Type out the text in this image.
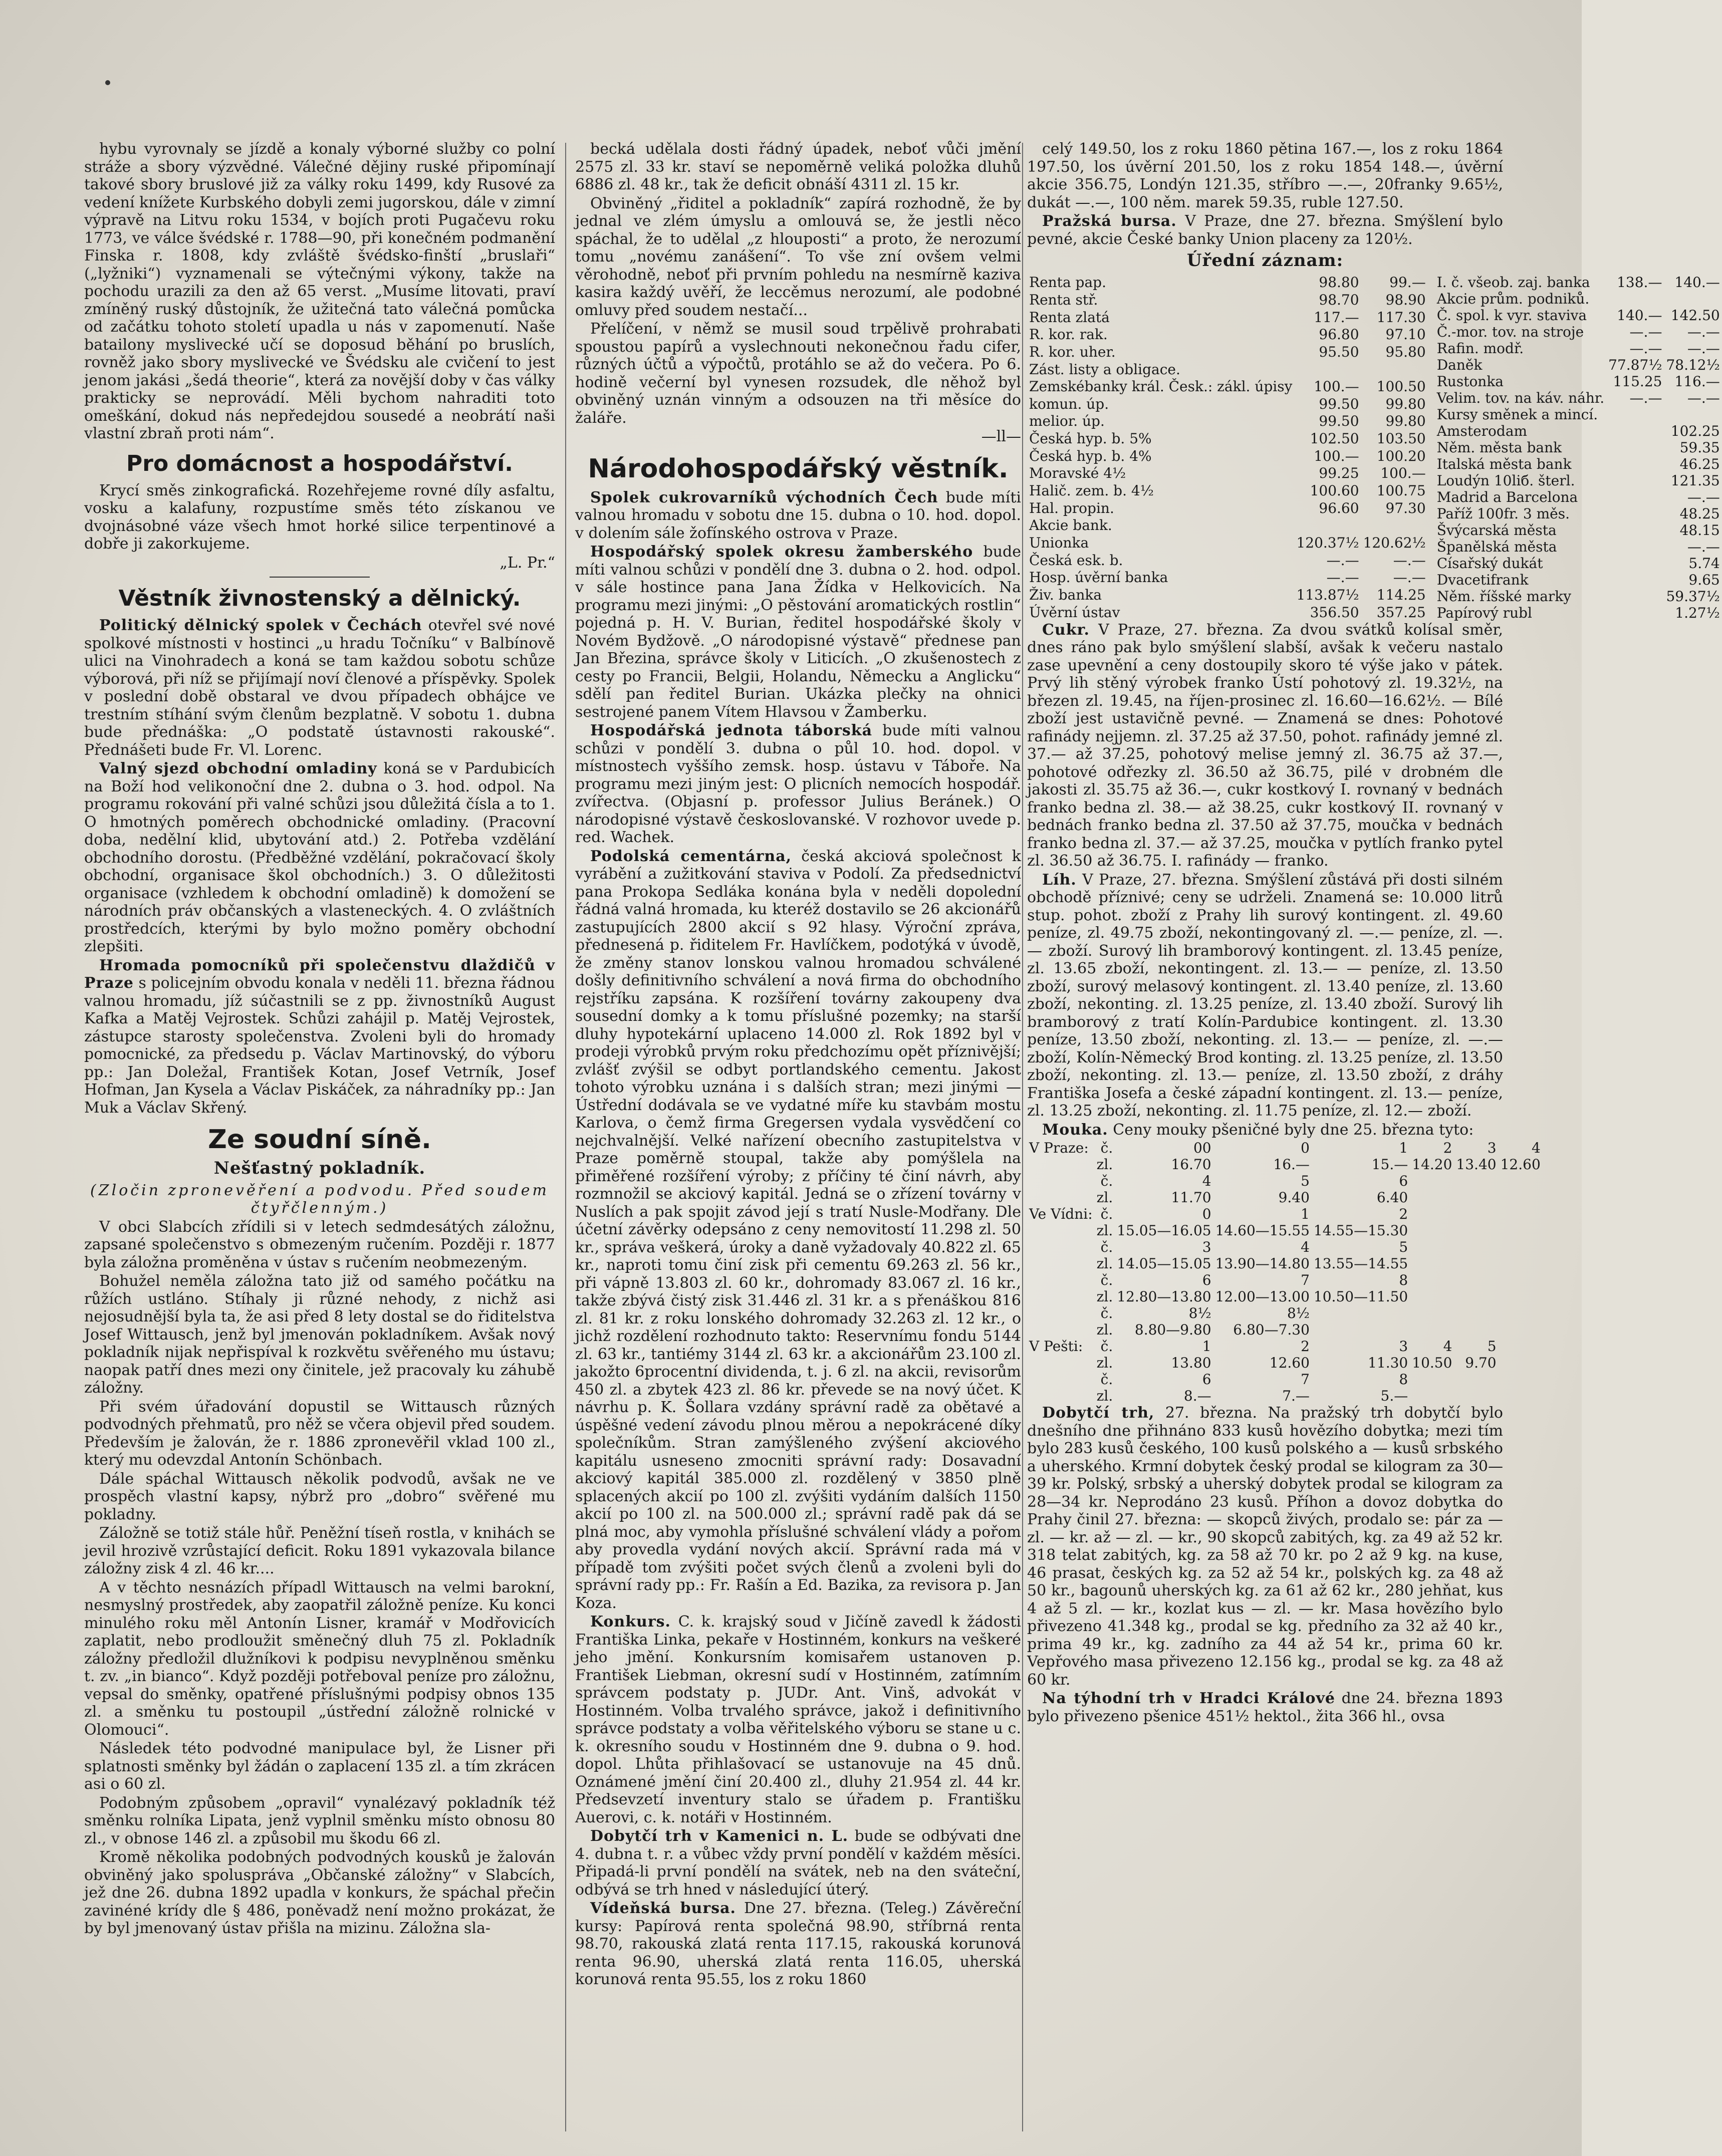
hybu vyrovnaly se jízdě a konaly výborné služby co polní stráže a sbory výzvědné. Válečné dějiny ruské připomínají takové sbory bruslové již za války roku 1499, kdy Rusové za vedení knížete Kurbského dobyli zemi jugorskou, dále v zimní výpravě na Litvu roku 1534, v bojích proti Pugačevu roku 1773, ve válce švédské r. 1788—90, při konečném podmanění Finska r. 1808, kdy zvláště švédsko-finští „bruslaři“ („lyžniki“) vyznamenali se výtečnými výkony, takže na pochodu urazili za den až 65 verst. „Musíme litovati, praví zmíněný ruský důstojník, že užitečná tato válečná pomůcka od začátku tohoto století upadla u nás v zapomenutí. Naše batailony myslivecké učí se doposud běhání po bruslích, rovněž jako sbory myslivecké ve Švédsku ale cvičení to jest jenom jakási „šedá theorie“, která za novější doby v čas války prakticky se neprovádí. Měli bychom nahraditi toto omeškání, dokud nás nepředejdou sousedé a neobrátí naši vlastní zbraň proti nám“.

Pro domácnost a hospodářství.

Krycí směs zinkografická. Rozehřejeme rovné díly asfaltu, vosku a kalafuny, rozpustíme směs této získanou ve dvojnásobné váze všech hmot horké silice terpentinové a dobře ji zakorkujeme.

„L. Pr.“
Věstník živnostenský a dělnický.

Politický dělnický spolek v Čechách otevřel své nové spolkové místnosti v hostinci „u hradu Točníku“ v Balbínově ulici na Vinohradech a koná se tam každou sobotu schůze výborová, při níž se přijímají noví členové a příspěvky. Spolek v poslední době obstaral ve dvou případech obhájce ve trestním stíhání svým členům bezplatně. V sobotu 1. dubna bude přednáška: „O podstatě ústavnosti rakouské“. Přednášeti bude Fr. Vl. Lorenc.

Valný sjezd obchodní omladiny koná se v Pardubicích na Boží hod velikonoční dne 2. dubna o 3. hod. odpol. Na programu rokování při valné schůzi jsou důležitá čísla a to 1. O hmotných poměrech obchodnické omladiny. (Pracovní doba, nedělní klid, ubytování atd.) 2. Potřeba vzdělání obchodního dorostu. (Předběžné vzdělání, pokračovací školy obchodní, organisace škol obchodních.) 3. O důležitosti organisace (vzhledem k obchodní omladině) k domožení se národních práv občanských a vlasteneckých. 4. O zvláštních prostředcích, kterými by bylo možno poměry obchodní zlepšiti.

Hromada pomocníků při společenstvu dlaždičů v Praze s policejním obvodu konala v neděli 11. března řádnou valnou hromadu, jíž súčastnili se z pp. živnostníků August Kafka a Matěj Vejrostek. Schůzi zahájil p. Matěj Vejrostek, zástupce starosty společenstva. Zvoleni byli do hromady pomocnické, za předsedu p. Václav Martinovský, do výboru pp.: Jan Doležal, František Kotan, Josef Vetrník, Josef Hofman, Jan Kysela a Václav Piskáček, za náhradníky pp.: Jan Muk a Václav Skřený.

Ze soudní síně.
Nešťastný pokladník.

(Zločin zpronevěření a podvodu. Před soudem čtyřčlenným.)

V obci Slabcích zřídili si v letech sedmdesátých záložnu, zapsané společenstvo s obmezeným ručením. Později r. 1877 byla záložna proměněna v ústav s ručením neobmezeným.

Bohužel neměla záložna tato již od samého počátku na růžích ustláno. Stíhaly ji různé nehody, z nichž asi nejosudnější byla ta, že asi před 8 lety dostal se do řiditelstva Josef Wittausch, jenž byl jmenován pokladníkem. Avšak nový pokladník nijak nepřispíval k rozkvětu svěřeného mu ústavu; naopak patří dnes mezi ony činitele, jež pracovaly ku záhubě záložny.

Při svém úřadování dopustil se Wittausch různých podvodných přehmatů, pro něž se včera objevil před soudem. Především je žalován, že r. 1886 zpronevěřil vklad 100 zl., který mu odevzdal Antonín Schönbach.

Dále spáchal Wittausch několik podvodů, avšak ne ve prospěch vlastní kapsy, nýbrž pro „dobro“ svěřené mu pokladny.

Záložně se totiž stále hůř. Peněžní tíseň rostla, v knihách se jevil hrozivě vzrůstající deficit. Roku 1891 vykazovala bilance záložny zisk 4 zl. 46 kr....

A v těchto nesnázích případl Wittausch na velmi barokní, nesmyslný prostředek, aby zaopatřil záložně peníze. Ku konci minulého roku měl Antonín Lisner, kramář v Modřovicích zaplatit, nebo prodloužit směnečný dluh 75 zl. Pokladník záložny předložil dlužníkovi k podpisu nevyplněnou směnku t. zv. „in bianco“. Když později potřeboval peníze pro záložnu, vepsal do směnky, opatřené příslušnými podpisy obnos 135 zl. a směnku tu postoupil „ústřední záložně rolnické v Olomouci“.

Následek této podvodné manipulace byl, že Lisner při splatnosti směnky byl žádán o zaplacení 135 zl. a tím zkrácen asi o 60 zl.

Podobným způsobem „opravil“ vynalézavý pokladník též směnku rolníka Lipata, jenž vyplnil směnku místo obnosu 80 zl., v obnose 146 zl. a způsobil mu škodu 66 zl.

Kromě několika podobných podvodných kousků je žalován obviněný jako spoluspráva „Občanské záložny“ v Slabcích, jež dne 26. dubna 1892 upadla v konkurs, že spáchal přečin zavinéné krídy dle § 486, poněvadž není možno prokázat, že by byl jmenovaný ústav přišla na mizinu. Záložna sla-

becká udělala dosti řádný úpadek, neboť vůči jmění 2575 zl. 33 kr. staví se nepoměrně veliká položka dluhů 6886 zl. 48 kr., tak že deficit obnáší 4311 zl. 15 kr.

Obviněný „řiditel a pokladník“ zapírá rozhodně, že by jednal ve zlém úmyslu a omlouvá se, že jestli něco spáchal, že to udělal „z hlouposti“ a proto, že nerozumí tomu „novému zanášení“. To vše zní ovšem velmi věrohodně, neboť při prvním pohledu na nesmírně kaziva kasira každý uvěří, že leccěmus nerozumí, ale podobné omluvy před soudem nestačí...

Přelíčení, v němž se musil soud trpělivě prohrabati spoustou papírů a vyslechnouti nekonečnou řadu cifer, různých účtů a výpočtů, protáhlo se až do večera. Po 6. hodině večerní byl vynesen rozsudek, dle něhož byl obviněný uznán vinným a odsouzen na tři měsíce do žaláře.

—ll—
Národohospodářský věstník.

Spolek cukrovarníků východních Čech bude míti valnou hromadu v sobotu dne 15. dubna o 10. hod. dopol. v dolením sále žofínského ostrova v Praze.

Hospodářský spolek okresu žamberského bude míti valnou schůzi v pondělí dne 3. dubna o 2. hod. odpol. v sále hostince pana Jana Žídka v Helkovicích. Na programu mezi jinými: „O pěstování aromatických rostlin“ pojedná p. H. V. Burian, ředitel hospodářské školy v Novém Bydžově. „O národopisné výstavě“ přednese pan Jan Březina, správce školy v Liticích. „O zkušenostech z cesty po Francii, Belgii, Holandu, Německu a Anglicku“ sdělí pan ředitel Burian. Ukázka plečky na ohnici sestrojené panem Vítem Hlavsou v Žamberku.

Hospodářská jednota táborská bude míti valnou schůzi v pondělí 3. dubna o půl 10. hod. dopol. v místnostech vyššího zemsk. hosp. ústavu v Táboře. Na programu mezi jiným jest: O plicních nemocích hospodář. zvířectva. (Objasní p. professor Julius Beránek.) O národopisné výstavě českoslovanské. V rozhovor uvede p. red. Wachek.

Podolská cementárna, česká akciová společnost k vyrábění a zužitkování staviva v Podolí. Za předsednictví pana Prokopa Sedláka konána byla v neděli dopolední řádná valná hromada, ku kteréž dostavilo se 26 akcionářů zastupujících 2800 akcií s 92 hlasy. Výroční zpráva, přednesená p. řiditelem Fr. Havlíčkem, podotýká v úvodě, že změny stanov lonskou valnou hromadou schválené došly definitivního schválení a nová firma do obchodního rejstříku zapsána. K rozšíření továrny zakoupeny dva sousední domky a k tomu příslušné pozemky; na starší dluhy hypotekární uplaceno 14.000 zl. Rok 1892 byl v prodeji výrobků prvým roku předchozímu opět příznivější; zvlášť zvýšil se odbyt portlandského cementu. Jakost tohoto výrobku uznána i s dalších stran; mezi jinými — Ústřední dodávala se ve vydatné míře ku stavbám mostu Karlova, o čemž firma Gregersen vydala vysvědčení co nejchvalnější. Velké nařízení obecního zastupitelstva v Praze poměrně stoupal, takže aby pomýšlela na přiměřené rozšíření výroby; z příčiny té činí návrh, aby rozmnožil se akciový kapitál. Jedná se o zřízení továrny v Nuslích a pak spojit závod její s tratí Nusle-Modřany. Dle účetní závěrky odepsáno z ceny nemovitostí 11.298 zl. 50 kr., správa veškerá, úroky a daně vyžadovaly 40.822 zl. 65 kr., naproti tomu činí zisk při cementu 69.263 zl. 56 kr., při vápně 13.803 zl. 60 kr., dohromady 83.067 zl. 16 kr., takže zbývá čistý zisk 31.446 zl. 31 kr. a s přenáškou 816 zl. 81 kr. z roku lonského dohromady 32.263 zl. 12 kr., o jichž rozdělení rozhodnuto takto: Reservnímu fondu 5144 zl. 63 kr., tantiémy 3144 zl. 63 kr. a akcionářům 23.100 zl. jakožto 6procentní dividenda, t. j. 6 zl. na akcii, revisorům 450 zl. a zbytek 423 zl. 86 kr. převede se na nový účet. K návrhu p. K. Šollara vzdány správní radě za obětavé a úspěšné vedení závodu plnou měrou a nepokrácené díky společníkům. Stran zamýšleného zvýšení akciového kapitálu usneseno zmocniti správní rady: Dosavadní akciový kapitál 385.000 zl. rozdělený v 3850 plně splacených akcií po 100 zl. zvýšiti vydáním dalších 1150 akcií po 100 zl. na 500.000 zl.; správní radě pak dá se plná moc, aby vymohla příslušné schválení vlády a pořom aby provedla vydání nových akcií. Správní rada má v případě tom zvýšiti počet svých členů a zvoleni byli do správní rady pp.: Fr. Rašín a Ed. Bazika, za revisora p. Jan Koza.

Konkurs. C. k. krajský soud v Jičíně zavedl k žádosti Františka Linka, pekaře v Hostinném, konkurs na veškeré jeho jmění. Konkursním komisařem ustanoven p. František Liebman, okresní sudí v Hostinném, zatímním správcem podstaty p. JUDr. Ant. Vinš, advokát v Hostinném. Volba trvalého správce, jakož i definitivního správce podstaty a volba věřitelského výboru se stane u c. k. okresního soudu v Hostinném dne 9. dubna o 9. hod. dopol. Lhůta přihlašovací se ustanovuje na 45 dnů. Oznámené jmění činí 20.400 zl., dluhy 21.954 zl. 44 kr. Předsevzetí inventury stalo se úřadem p. Františku Auerovi, c. k. notáři v Hostinném.

Dobytčí trh v Kamenici n. L. bude se odbývati dne 4. dubna t. r. a vůbec vždy první pondělí v každém měsíci. Připadá-li první pondělí na svátek, neb na den sváteční, odbývá se trh hned v následující úterý.

Vídeňská bursa. Dne 27. března. (Teleg.) Závěreční kursy: Papírová renta společná 98.90, stříbrná renta 98.70, rakouská zlatá renta 117.15, rakouská korunová renta 96.90, uherská zlatá renta 116.05, uherská korunová renta 95.55, los z roku 1860

celý 149.50, los z roku 1860 pětina 167.—, los z roku 1864 197.50, los úvěrní 201.50, los z roku 1854 148.—, úvěrní akcie 356.75, Londýn 121.35, stříbro —.—, 20franky 9.65½, dukát —.—, 100 něm. marek 59.35, ruble 127.50.

Pražská bursa. V Praze, dne 27. března. Smýšlení bylo pevné, akcie České banky Union placeny za 120½.

Úřední záznam:
Renta pap.	98.80	99.—
Renta stř.	98.70	98.90
Renta zlatá	117.—	117.30
R. kor. rak.	96.80	97.10
R. kor. uher.	95.50	95.80
Zást. listy a obligace.		
Zemskébanky král. Česk.: zákl. úpisy	100.—	100.50
komun. úp.	99.50	99.80
melior. úp.	99.50	99.80
Česká hyp. b. 5%	102.50	103.50
Česká hyp. b. 4%	100.—	100.20
Moravské 4½	99.25	100.—
Halič. zem. b. 4½	100.60	100.75
Hal. propin.	96.60	97.30
Akcie bank.		
Unionka	120.37½	120.62½
Česká esk. b.	—.—	—.—
Hosp. úvěrní banka	—.—	—.—
Živ. banka	113.87½	114.25
Úvěrní ústav	356.50	357.25
I. č. všeob. zaj. banka	138.—	140.—
Akcie prům. podniků.		
Č. spol. k vyr. staviva	140.—	142.50
Č.-mor. tov. na stroje	—.—	—.—
Rafin. modř.	—.—	—.—
Daněk	77.87½	78.12½
Rustonka	115.25	116.—
Velim. tov. na káv. náhr.	—.—	—.—
Kursy směnek a mincí.		
Amsterodam		102.25
Něm. města bank		59.35
Italská města bank		46.25
Loudýn 10liб. šterl.		121.35
Madrid a Barcelona		—.—
Paříž 100fr. 3 měs.		48.25
Švýcarská města		48.15
Španělská města		—.—
Císařský dukát		5.74
Dvacetifrank		9.65
Něm. říšské marky		59.37½
Papírový rubl		1.27½

Cukr. V Praze, 27. března. Za dvou svátků kolísal směr, dnes ráno pak bylo smýšlení slabší, avšak k večeru nastalo zase upevnění a ceny dostoupily skoro té výše jako v pátek. Prvý lih stěný výrobek franko Ústí pohotový zl. 19.32½, na březen zl. 19.45, na říjen-prosinec zl. 16.60—16.62½. — Bílé zboží jest ustavičně pevné. — Znamená se dnes: Pohotové rafinády nejjemn. zl. 37.25 až 37.50, pohot. rafinády jemné zl. 37.— až 37.25, pohotový melise jemný zl. 36.75 až 37.—, pohotové odřezky zl. 36.50 až 36.75, pilé v drobném dle jakosti zl. 35.75 až 36.—, cukr kostkový I. rovnaný v bednách franko bedna zl. 38.— až 38.25, cukr kostkový II. rovnaný v bednách franko bedna zl. 37.50 až 37.75, moučka v bednách franko bedna zl. 37.— až 37.25, moučka v pytlích franko pytel zl. 36.50 až 36.75. I. rafinády — franko.

Líh. V Praze, 27. března. Smýšlení zůstává při dosti silném obchodě příznivé; ceny se udrželi. Znamená se: 10.000 litrů stup. pohot. zboží z Prahy lih surový kontingent. zl. 49.60 peníze, zl. 49.75 zboží, nekontingovaný zl. —.— peníze, zl. —.— zboží. Surový lih bramborový kontingent. zl. 13.45 peníze, zl. 13.65 zboží, nekontingent. zl. 13.— — peníze, zl. 13.50 zboží, surový melasový kontingent. zl. 13.40 peníze, zl. 13.60 zboží, nekonting. zl. 13.25 peníze, zl. 13.40 zboží. Surový lih bramborový z tratí Kolín-Pardubice kontingent. zl. 13.30 peníze, 13.50 zboží, nekonting. zl. 13.— — peníze, zl. —.— zboží, Kolín-Německý Brod konting. zl. 13.25 peníze, zl. 13.50 zboží, nekonting. zl. 13.— peníze, zl. 13.50 zboží, z dráhy Františka Josefa a české západní kontingent. zl. 13.— peníze, zl. 13.25 zboží, nekonting. zl. 11.75 peníze, zl. 12.— zboží.

Mouka. Ceny mouky pšeničné byly dne 25. března tyto:

V Praze:	č.	00	0	1	2	3	4
	zl.	16.70	16.—	15.—	14.20	13.40	12.60
	č.	4	5	6			
	zl.	11.70	9.40	6.40			
Ve Vídni:	č.	0	1	2			
	zl.	15.05—16.05	14.60—15.55	14.55—15.30			
	č.	3	4	5			
	zl.	14.05—15.05	13.90—14.80	13.55—14.55			
	č.	6	7	8			
	zl.	12.80—13.80	12.00—13.00	10.50—11.50			
	č.	8½	8½				
	zl.	8.80—9.80	6.80—7.30				
V Pešti:	č.	1	2	3	4	5	
	zl.	13.80	12.60	11.30	10.50	9.70	
	č.	6	7	8			
	zl.	8.—	7.—	5.—			

Dobytčí trh, 27. března. Na pražský trh dobytčí bylo dnešního dne přihnáno 833 kusů hovězího dobytka; mezi tím bylo 283 kusů českého, 100 kusů polského a — kusů srbského a uherského. Krmní dobytek český prodal se kilogram za 30—39 kr. Polský, srbský a uherský dobytek prodal se kilogram za 28—34 kr. Neprodáno 23 kusů. Příhon a dovoz dobytka do Prahy činil 27. března: — skopců živých, prodalo se: pár za — zl. — kr. až — zl. — kr., 90 skopců zabitých, kg. za 49 až 52 kr. 318 telat zabitých, kg. za 58 až 70 kr. po 2 až 9 kg. na kuse, 46 prasat, českých kg. za 52 až 54 kr., polských kg. za 48 až 50 kr., bagounů uherských kg. za 61 až 62 kr., 280 jehňat, kus 4 až 5 zl. — kr., kozlat kus — zl. — kr. Masa hovězího bylo přivezeno 41.348 kg., prodal se kg. předního za 32 až 40 kr., prima 49 kr., kg. zadního za 44 až 54 kr., prima 60 kr. Vepřového masa přivezeno 12.156 kg., prodal se kg. za 48 až 60 kr.

Na týhodní trh v Hradci Králové dne 24. března 1893 bylo přivezeno pšenice 451½ hektol., žita 366 hl., ovsa
